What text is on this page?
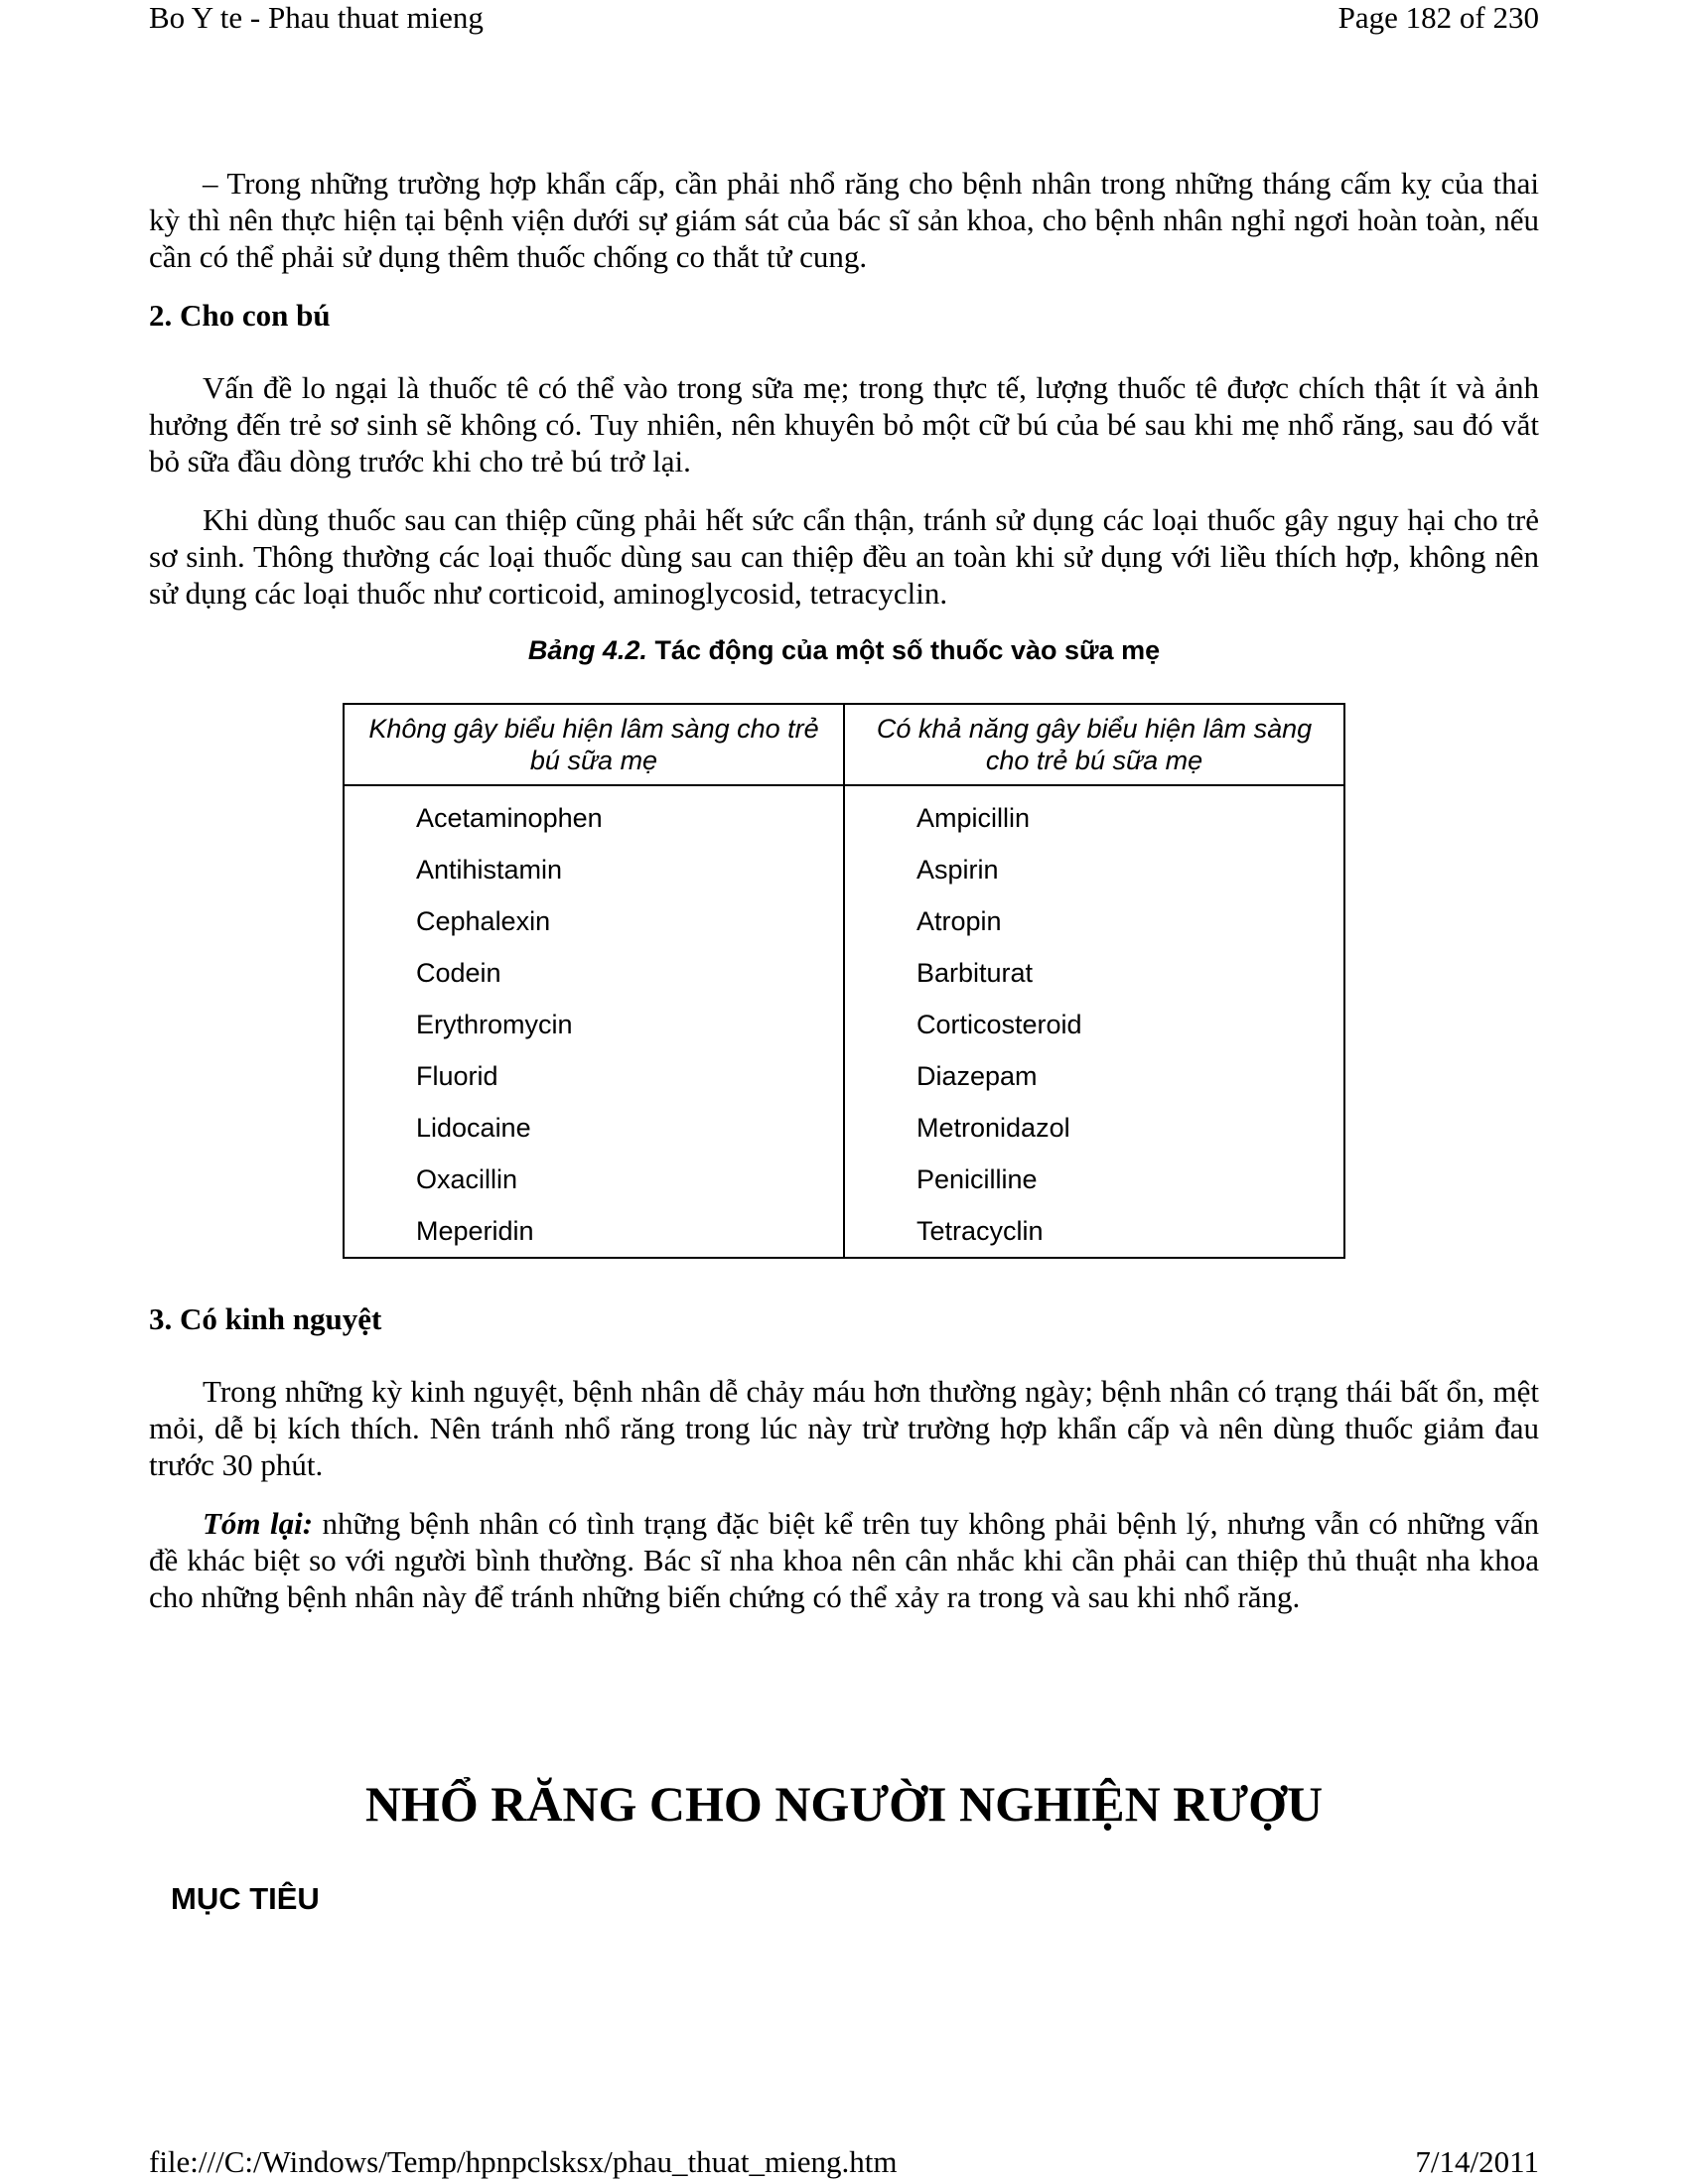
Bo Y te - Phau thuat mieng	Page 182 of 230

– Trong những trường hợp khẩn cấp, cần phải nhổ răng cho bệnh nhân trong những tháng cấm kỵ của thai kỳ thì nên thực hiện tại bệnh viện dưới sự giám sát của bác sĩ sản khoa, cho bệnh nhân nghỉ ngơi hoàn toàn, nếu cần có thể phải sử dụng thêm thuốc chống co thắt tử cung.

2. Cho con bú

Vấn đề lo ngại là thuốc tê có thể vào trong sữa mẹ; trong thực tế, lượng thuốc tê được chích thật ít và ảnh hưởng đến trẻ sơ sinh sẽ không có. Tuy nhiên, nên khuyên bỏ một cữ bú của bé sau khi mẹ nhổ răng, sau đó vắt bỏ sữa đầu dòng trước khi cho trẻ bú trở lại.

Khi dùng thuốc sau can thiệp cũng phải hết sức cẩn thận, tránh sử dụng các loại thuốc gây nguy hại cho trẻ sơ sinh. Thông thường các loại thuốc dùng sau can thiệp đều an toàn khi sử dụng với liều thích hợp, không nên sử dụng các loại thuốc như corticoid, aminoglycosid, tetracyclin.

Bảng 4.2. Tác động của một số thuốc vào sữa mẹ
Không gây biểu hiện lâm sàng cho trẻ bú sữa mẹ	Có khả năng gây biểu hiện lâm sàng cho trẻ bú sữa mẹ
Acetaminophen	Ampicillin
Antihistamin	Aspirin
Cephalexin	Atropin
Codein	Barbiturat
Erythromycin	Corticosteroid
Fluorid	Diazepam
Lidocaine	Metronidazol
Oxacillin	Penicilline
Meperidin	Tetracyclin
3. Có kinh nguyệt

Trong những kỳ kinh nguyệt, bệnh nhân dễ chảy máu hơn thường ngày; bệnh nhân có trạng thái bất ổn, mệt mỏi, dễ bị kích thích. Nên tránh nhổ răng trong lúc này trừ trường hợp khẩn cấp và nên dùng thuốc giảm đau trước 30 phút.

Tóm lại: những bệnh nhân có tình trạng đặc biệt kể trên tuy không phải bệnh lý, nhưng vẫn có những vấn đề khác biệt so với người bình thường. Bác sĩ nha khoa nên cân nhắc khi cần phải can thiệp thủ thuật nha khoa cho những bệnh nhân này để tránh những biến chứng có thể xảy ra trong và sau khi nhổ răng.

NHỔ RĂNG CHO NGƯỜI NGHIỆN RƯỢU
MỤC TIÊU
file:///C:/Windows/Temp/hpnpclsksx/phau_thuat_mieng.htm	7/14/2011
